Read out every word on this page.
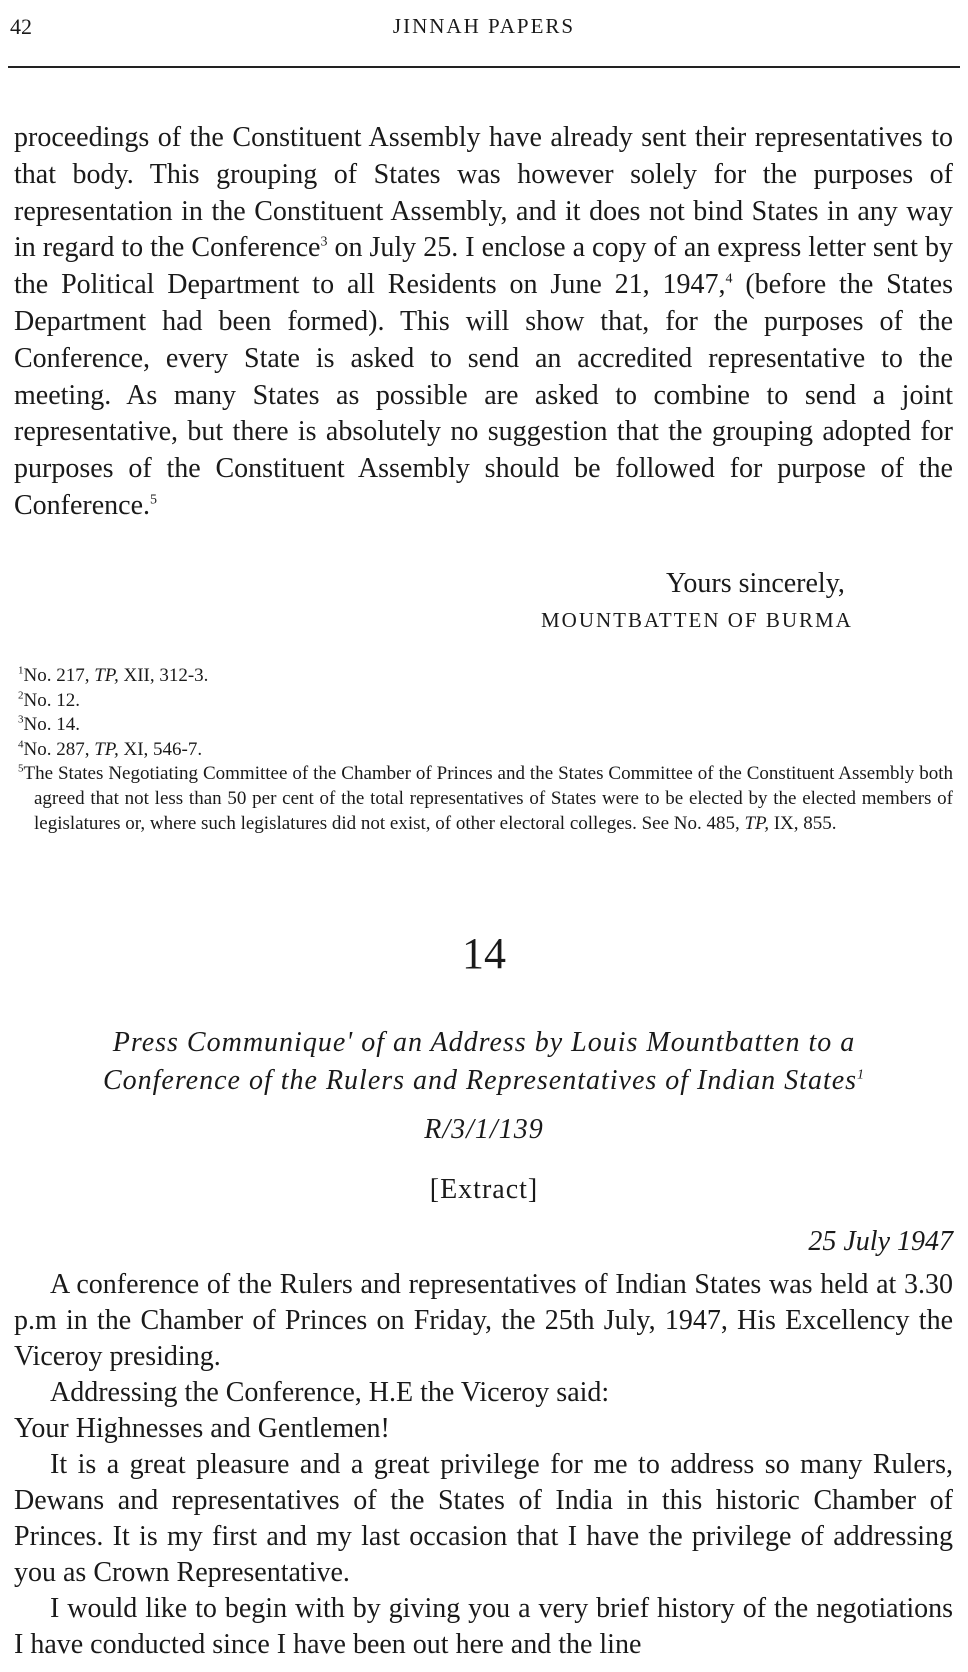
42	JINNAH PAPERS

proceedings of the Constituent Assembly have already sent their representatives to that body. This grouping of States was however solely for the purposes of representation in the Constituent Assembly, and it does not bind States in any way in regard to the Conference$^3$ on July 25. I enclose a copy of an express letter sent by the Political Department to all Residents on June 21, 1947,$^4$ (before the States Department had been formed). This will show that, for the purposes of the Conference, every State is asked to send an accredited representative to the meeting. As many States as possible are asked to combine to send a joint representative, but there is absolutely no suggestion that the grouping adopted for purposes of the Constituent Assembly should be followed for purpose of the Conference.$^5$

Yours sincerely,
MOUNTBATTEN OF BURMA

$^1$No. 217, TP, XII, 312-3.

$^2$No. 12.

$^3$No. 14.

$^4$No. 287, TP, XI, 546-7.

$^5$The States Negotiating Committee of the Chamber of Princes and the States Committee of the Constituent Assembly both agreed that not less than 50 per cent of the total representatives of States were to be elected by the elected members of legislatures or, where such legislatures did not exist, of other electoral colleges. See No. 485, TP, IX, 855.

14

Press Communique' of an Address by Louis Mountbatten to a
Conference of the Rulers and Representatives of Indian States$^1$

R/3/1/139
[Extract]
25 July 1947

A conference of the Rulers and representatives of Indian States was held at 3.30 p.m in the Chamber of Princes on Friday, the 25th July, 1947, His Excellency the Viceroy presiding.

Addressing the Conference, H.E the Viceroy said:

Your Highnesses and Gentlemen!

It is a great pleasure and a great privilege for me to address so many Rulers, Dewans and representatives of the States of India in this historic Chamber of Princes. It is my first and my last occasion that I have the privilege of addressing you as Crown Representative.

I would like to begin with by giving you a very brief history of the negotiations I have conducted since I have been out here and the line
